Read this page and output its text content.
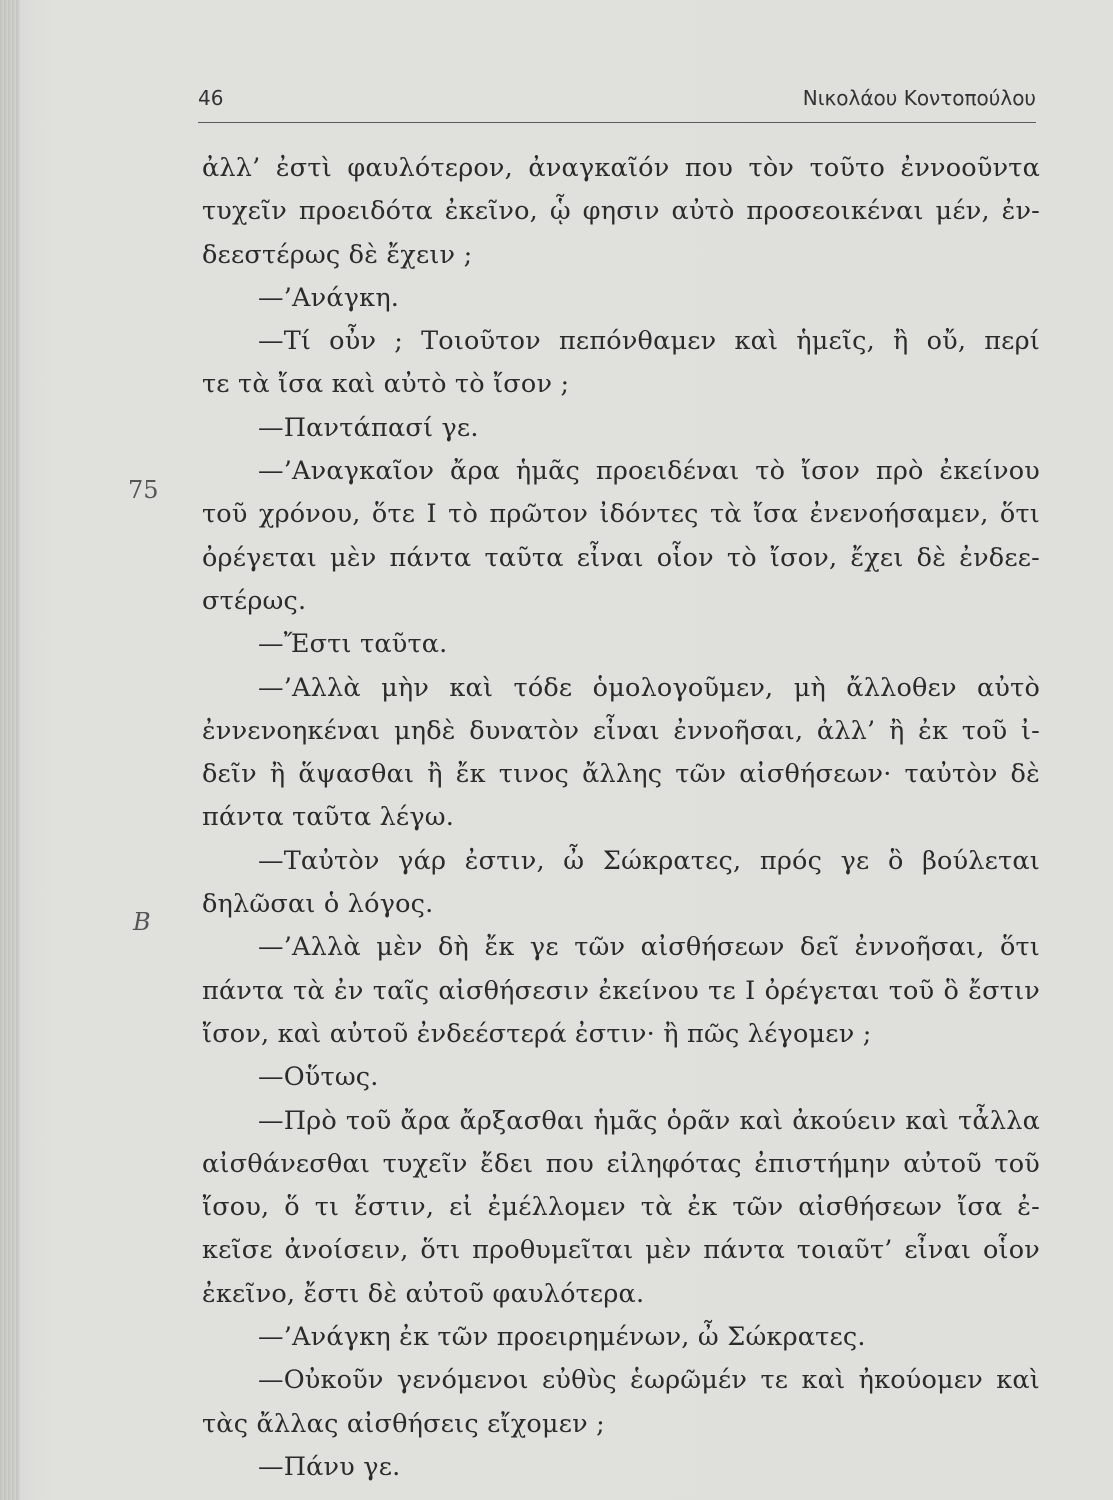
46	Νικολάου Κοντοπούλου
75
B
ἀλλ’ ἐστὶ φαυλότερον, ἀναγκαῖόν που τὸν τοῦτο ἐννοοῦντα
τυχεῖν προειδότα ἐκεῖνο, ᾧ φησιν αὐτὸ προσεοικέναι μέν, ἐν-
δεεστέρως δὲ ἔχειν ;
—’Ανάγκη.
—Τί οὖν ; Τοιοῦτον πεπόνθαμεν καὶ ἡμεῖς, ἢ οὔ, περί
τε τὰ ἴσα καὶ αὐτὸ τὸ ἴσον ;
—Παντάπασί γε.
—’Αναγκαῖον ἄρα ἡμᾶς προειδέναι τὸ ἴσον πρὸ ἐκείνου
τοῦ χρόνου, ὅτε Ι τὸ πρῶτον ἰδόντες τὰ ἴσα ἐνενοήσαμεν, ὅτι
ὀρέγεται μὲν πάντα ταῦτα εἶναι οἷον τὸ ἴσον, ἔχει δὲ ἐνδεε-
στέρως.
—Ἔστι ταῦτα.
—’Αλλὰ μὴν καὶ τόδε ὁμολογοῦμεν, μὴ ἄλλοθεν αὐτὸ
ἐννενοηκέναι μηδὲ δυνατὸν εἶναι ἐννοῆσαι, ἀλλ’ ἢ ἐκ τοῦ ἰ-
δεῖν ἢ ἅψασθαι ἢ ἔκ τινος ἄλλης τῶν αἰσθήσεων· ταὐτὸν δὲ
πάντα ταῦτα λέγω.
—Ταὐτὸν γάρ ἐστιν, ὦ Σώκρατες, πρός γε ὃ βούλεται
δηλῶσαι ὁ λόγος.
—’Αλλὰ μὲν δὴ ἔκ γε τῶν αἰσθήσεων δεῖ ἐννοῆσαι, ὅτι
πάντα τὰ ἐν ταῖς αἰσθήσεσιν ἐκείνου τε Ι ὀρέγεται τοῦ ὃ ἔστιν
ἴσον, καὶ αὐτοῦ ἐνδεέστερά ἐστιν· ἢ πῶς λέγομεν ;
—Οὕτως.
—Πρὸ τοῦ ἄρα ἄρξασθαι ἡμᾶς ὁρᾶν καὶ ἀκούειν καὶ τἆλλα
αἰσθάνεσθαι τυχεῖν ἔδει που εἰληφότας ἐπιστήμην αὐτοῦ τοῦ
ἴσου, ὅ τι ἔστιν, εἰ ἐμέλλομεν τὰ ἐκ τῶν αἰσθήσεων ἴσα ἐ-
κεῖσε ἀνοίσειν, ὅτι προθυμεῖται μὲν πάντα τοιαῦτ’ εἶναι οἷον
ἐκεῖνο, ἔστι δὲ αὐτοῦ φαυλότερα.
—’Ανάγκη ἐκ τῶν προειρημένων, ὦ Σώκρατες.
—Οὐκοῦν γενόμενοι εὐθὺς ἑωρῶμέν τε καὶ ἠκούομεν καὶ
τὰς ἄλλας αἰσθήσεις εἴχομεν ;
—Πάνυ γε.
